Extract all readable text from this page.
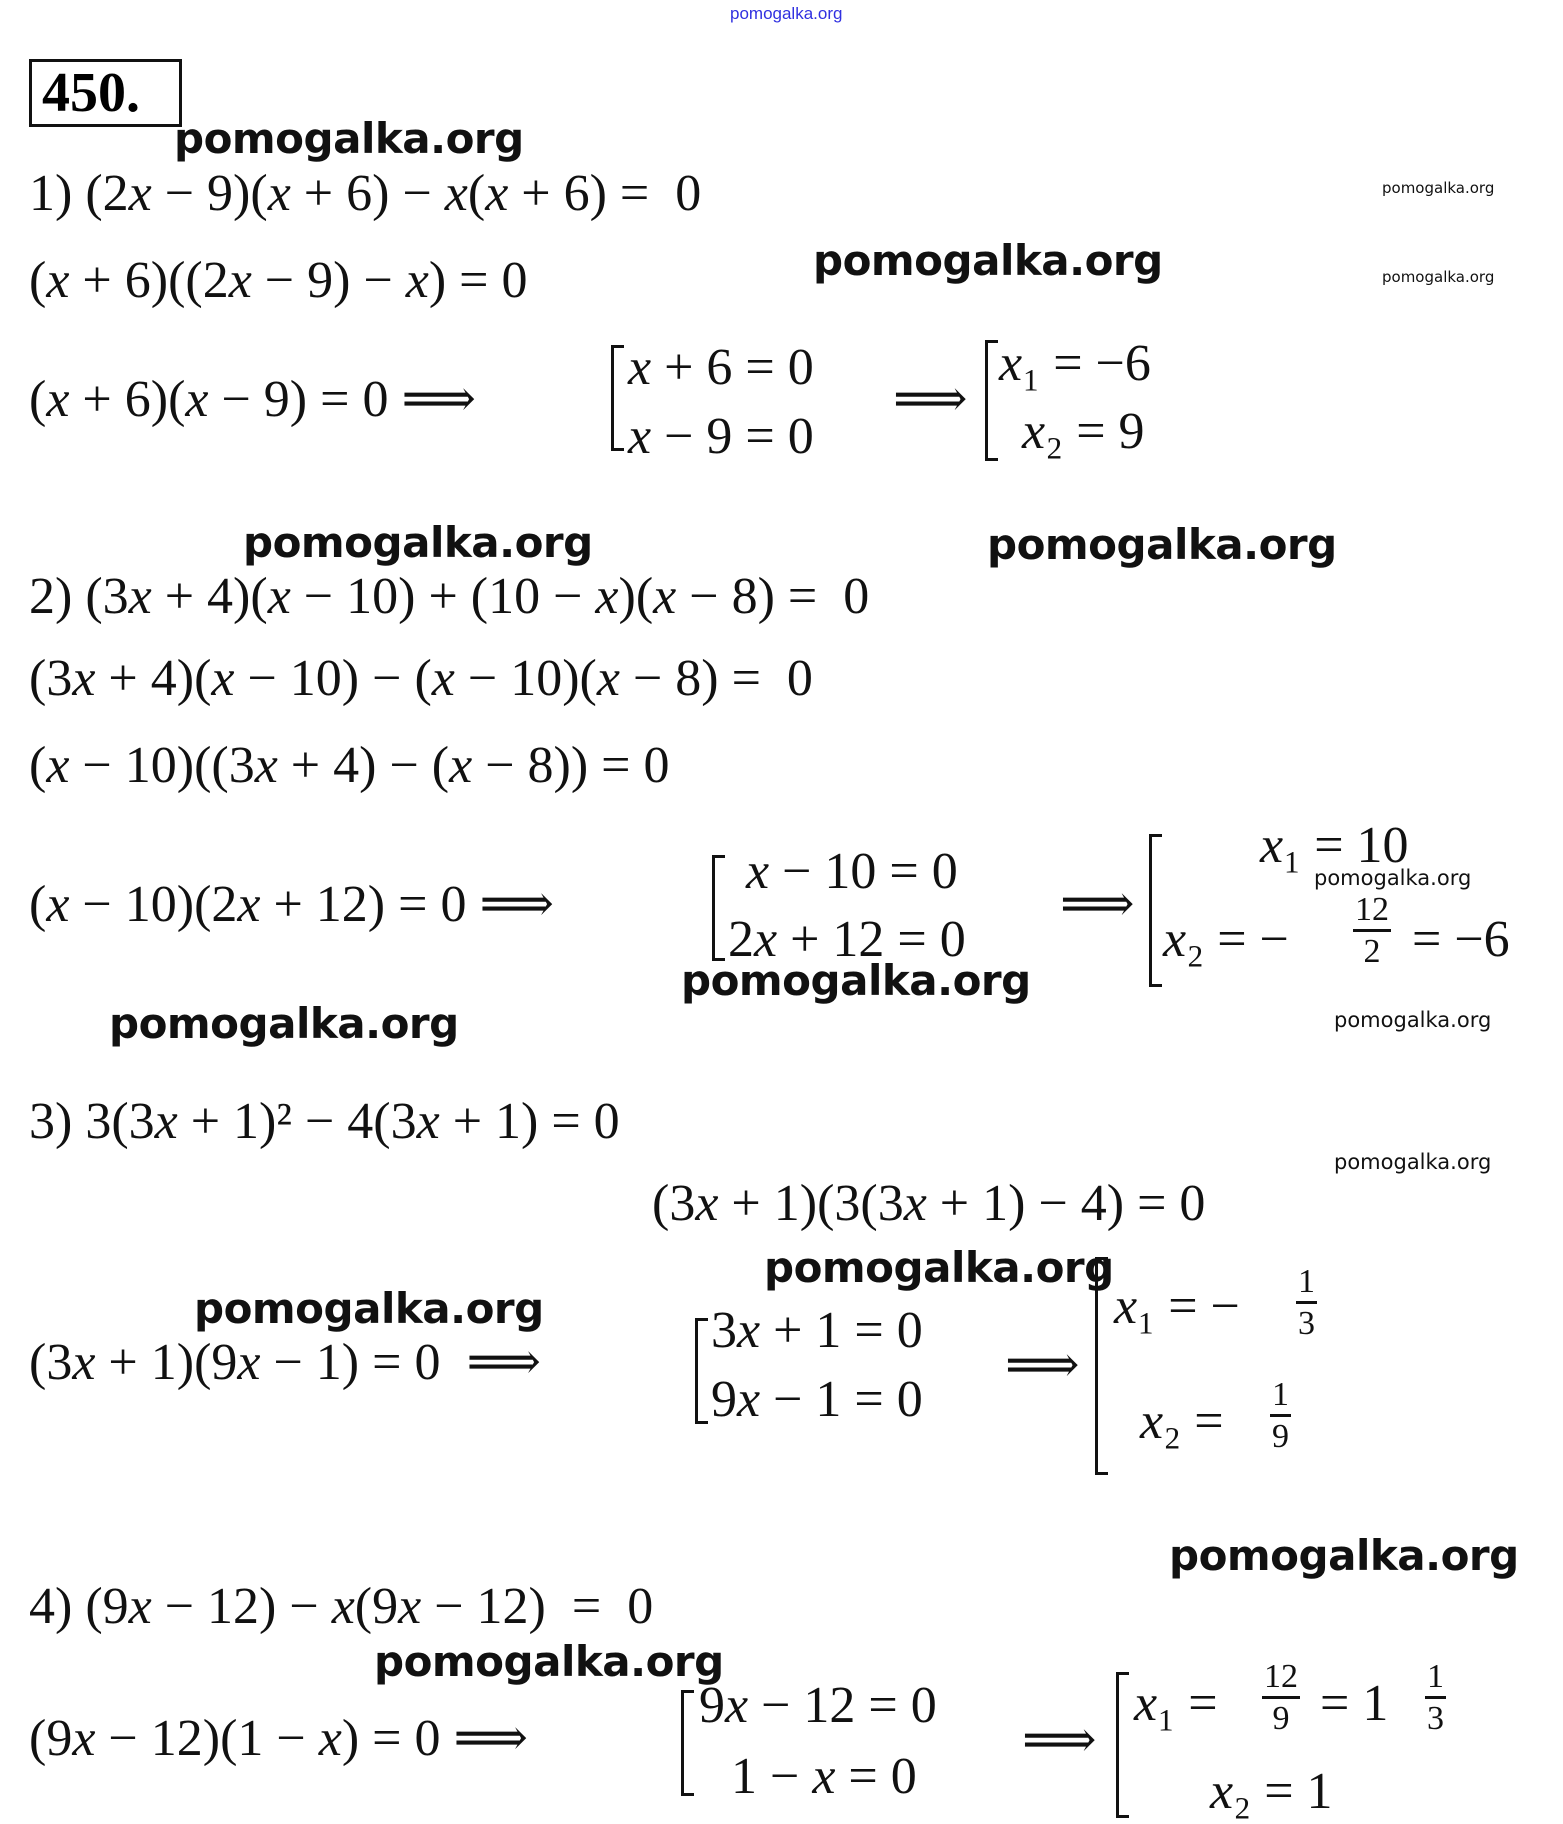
pomogalka.org
450.
pomogalka.org
pomogalka.org
pomogalka.org	pomogalka.org
pomogalka.org	pomogalka.org
pomogalka.org
pomogalka.org
pomogalka.org	pomogalka.org
pomogalka.org
pomogalka.org
pomogalka.org
pomogalka.org
pomogalka.org
1) (2x − 9)(x + 6) − x(x + 6) =  0
(x + 6)((2x − 9) − x) = 0
(x + 6)(x − 9) = 0 ⟹
x + 6 = 0
x − 9 = 0
⟹
x₁ = −6
x₂ = 9
2) (3x + 4)(x − 10) + (10 − x)(x − 8) =  0
(3x + 4)(x − 10) − (x − 10)(x − 8) =  0
(x − 10)((3x + 4) − (x − 8)) = 0
(x − 10)(2x + 12) = 0 ⟹
x − 10 = 0
2x + 12 = 0
⟹
x₁ = 10
x₂ = − $\frac{12}{2} = -6$
3) 3(3x + 1)² − 4(3x + 1) = 0
(3x + 1)(3(3x + 1) − 4) = 0
(3x + 1)(9x − 1) = 0  ⟹
3x + 1 = 0
9x − 1 = 0
⟹
x₁ = − $\frac{1}{3}$
$x_2 = \frac{1}{9}$
4) (9x − 12) − x(9x − 12)  =  0
(9x − 12)(1 − x) = 0 ⟹
9x − 12 = 0
1 − x = 0
⟹
$x_1 = \frac{12}{9} = 1 \frac{1}{3}$
x₂ = 1
